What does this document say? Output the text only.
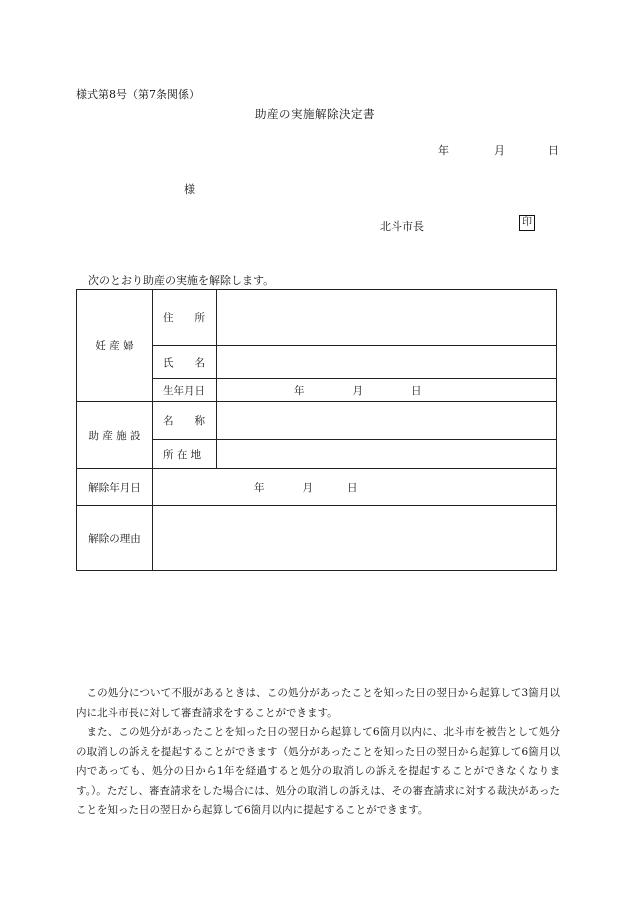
様式第8号（第7条関係）
助産の実施解除決定書
年	月	日
様
北斗市長	印
次のとおり助産の実施を解除します。
妊 産 婦	住　　所	
	氏　　名	
	生年月日	年 月 日
助 産 施 設	名　　称	
	所 在 地	
解除年月日	年 月 日	
解除の理由		

この処分について不服があるときは、この処分があったことを知った日の翌日から起算して3箇月以内に北斗市長に対して審査請求をすることができます。

また、この処分があったことを知った日の翌日から起算して6箇月以内に、北斗市を被告として処分の取消しの訴えを提起することができます（処分があったことを知った日の翌日から起算して6箇月以内であっても、処分の日から1年を経過すると処分の取消しの訴えを提起することができなくなります。）。ただし、審査請求をした場合には、処分の取消しの訴えは、その審査請求に対する裁決があったことを知った日の翌日から起算して6箇月以内に提起することができます。
